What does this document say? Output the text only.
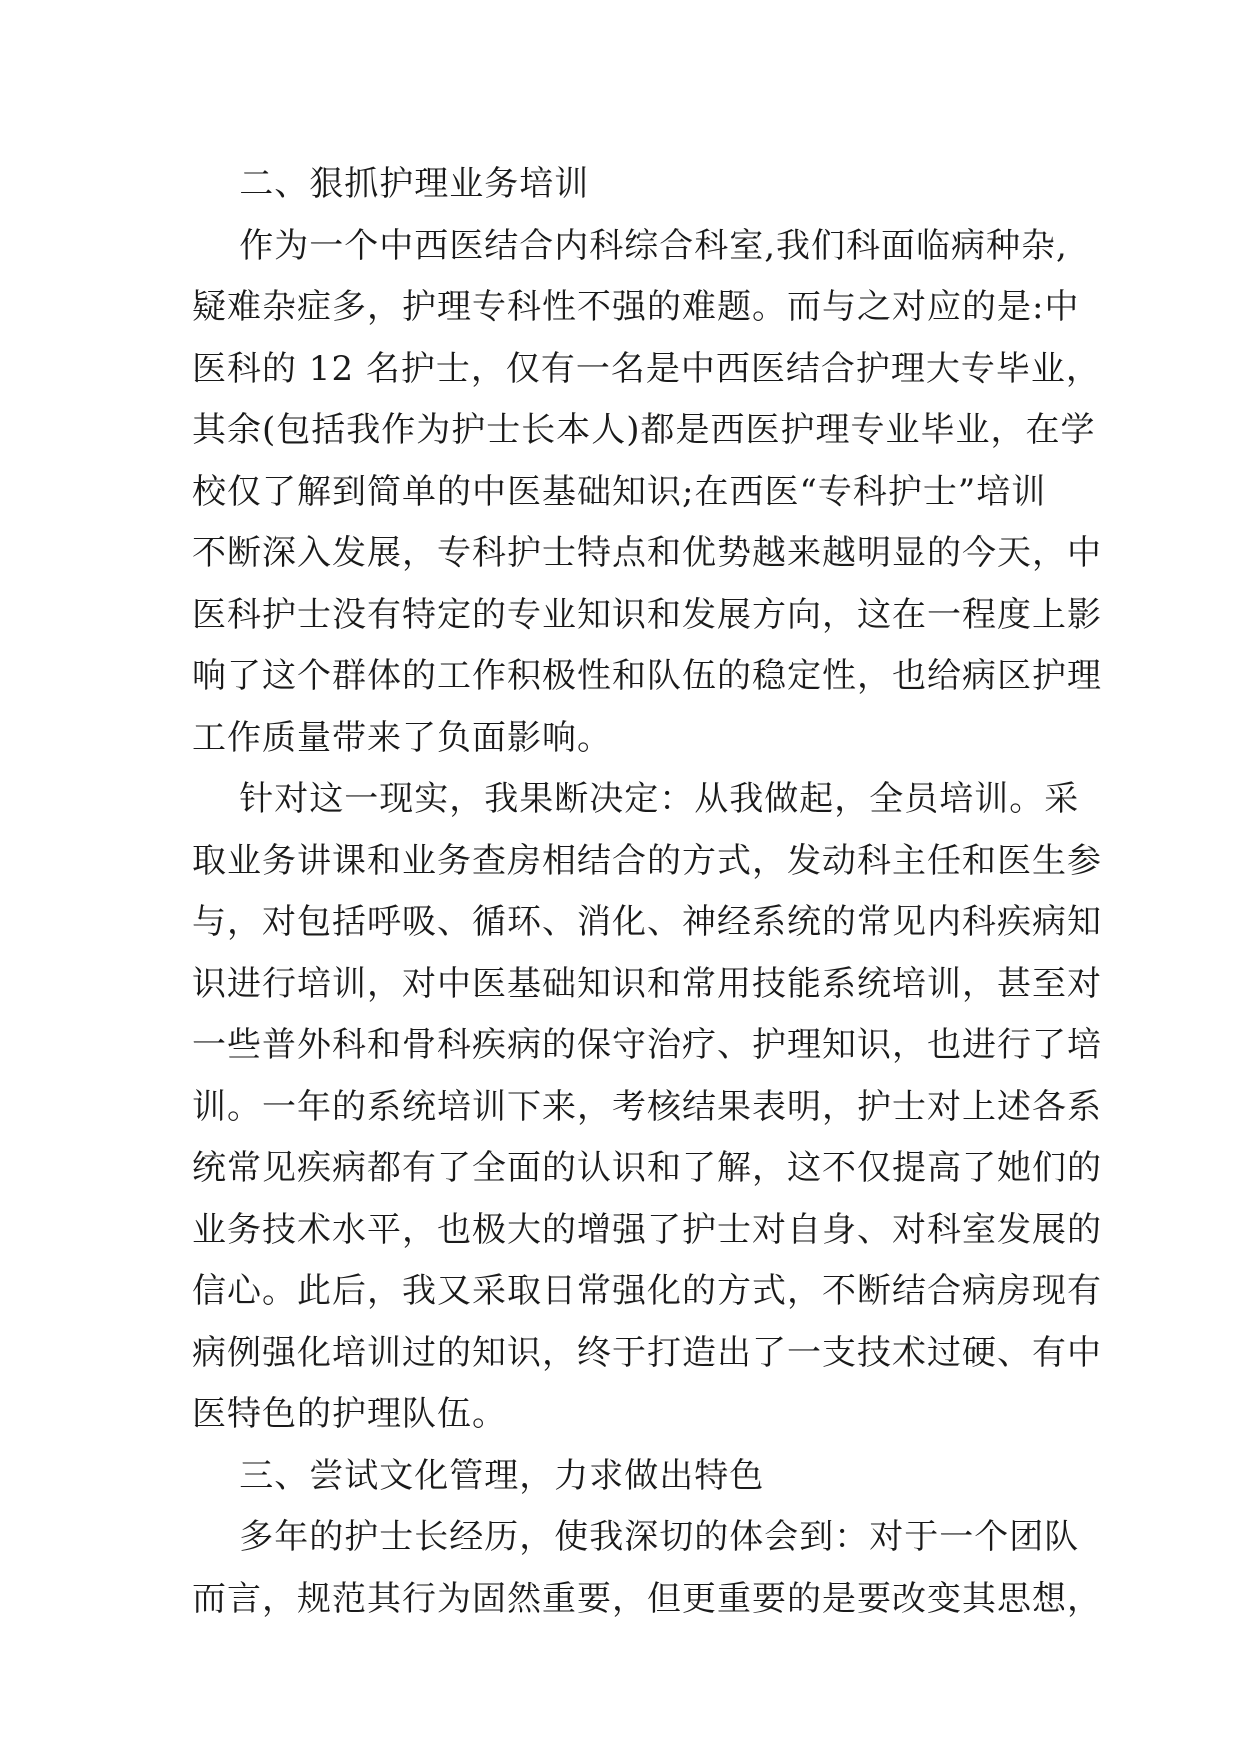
二、狠抓护理业务培训
作为一个中西医结合内科综合科室,我们科面临病种杂,
疑难杂症多，护理专科性不强的难题。而与之对应的是:中
医科的 12 名护士，仅有一名是中西医结合护理大专毕业，
其余(包括我作为护士长本人)都是西医护理专业毕业，在学
校仅了解到简单的中医基础知识;在西医“专科护士”培训
不断深入发展，专科护士特点和优势越来越明显的今天，中
医科护士没有特定的专业知识和发展方向，这在一程度上影
响了这个群体的工作积极性和队伍的稳定性，也给病区护理
工作质量带来了负面影响。
针对这一现实，我果断决定：从我做起，全员培训。采
取业务讲课和业务查房相结合的方式，发动科主任和医生参
与，对包括呼吸、循环、消化、神经系统的常见内科疾病知
识进行培训，对中医基础知识和常用技能系统培训，甚至对
一些普外科和骨科疾病的保守治疗、护理知识，也进行了培
训。一年的系统培训下来，考核结果表明，护士对上述各系
统常见疾病都有了全面的认识和了解，这不仅提高了她们的
业务技术水平，也极大的增强了护士对自身、对科室发展的
信心。此后，我又采取日常强化的方式，不断结合病房现有
病例强化培训过的知识，终于打造出了一支技术过硬、有中
医特色的护理队伍。
三、尝试文化管理，力求做出特色
多年的护士长经历，使我深切的体会到：对于一个团队
而言，规范其行为固然重要，但更重要的是要改变其思想，
